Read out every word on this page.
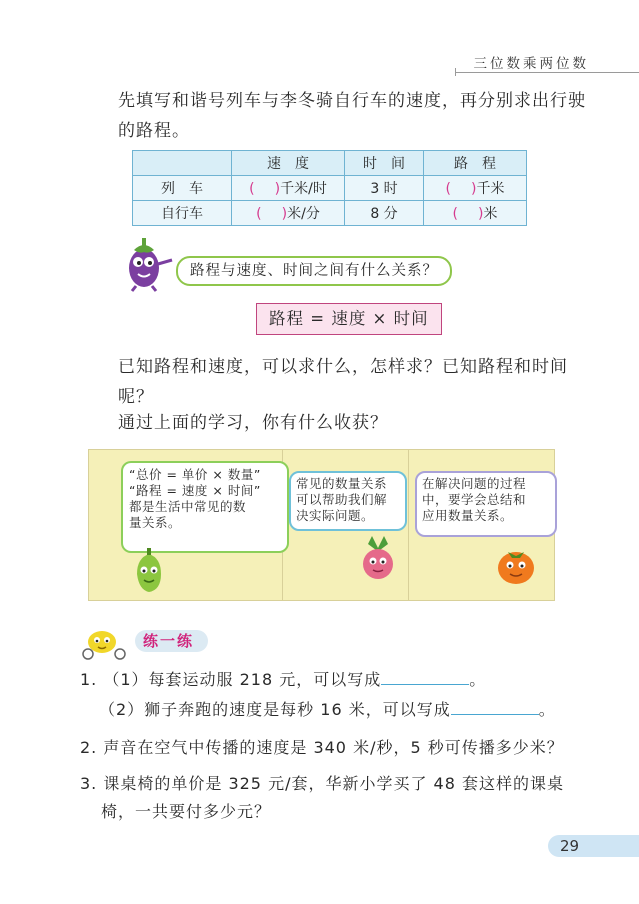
三位数乘两位数
先填写和谐号列车与李冬骑自行车的速度，再分别求出行驶的路程。
	速　度	时　间	路　程
列　车	( )千米/时	3 时	( )千米
自行车	( )米/分	8 分	( )米
路程与速度、时间之间有什么关系？
路程 = 速度 × 时间
已知路程和速度，可以求什么，怎样求？已知路程和时间呢？
通过上面的学习，你有什么收获？
“总价 = 单价 × 数量”
“路程 = 速度 × 时间”
都是生活中常见的数
量关系。
常见的数量关系
可以帮助我们解
决实际问题。
在解决问题的过程
中，要学会总结和
应用数量关系。
练一练
1. （1）每套运动服 218 元，可以写成	。
（2）狮子奔跑的速度是每秒 16 米，可以写成	。
2. 声音在空气中传播的速度是 340 米/秒，5 秒可传播多少米？
3. 课桌椅的单价是 325 元/套，华新小学买了 48 套这样的课桌
椅，一共要付多少元？
29
